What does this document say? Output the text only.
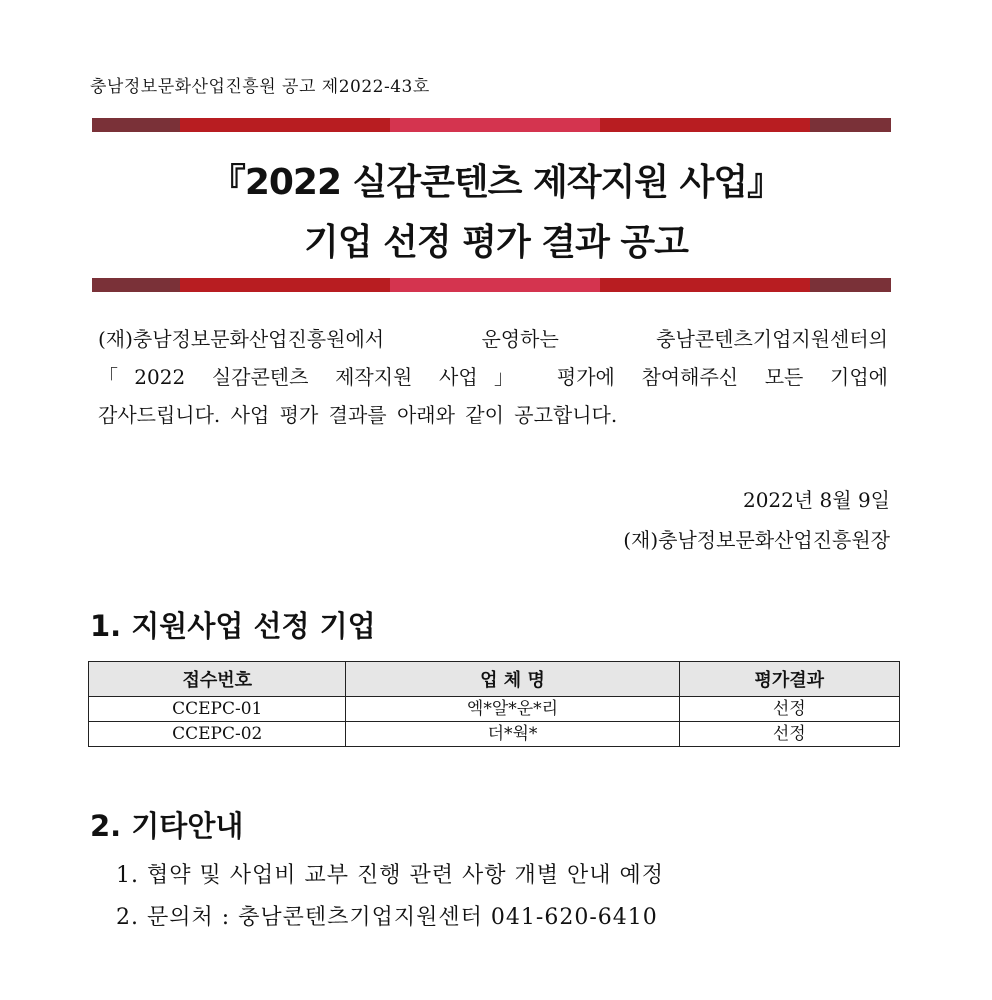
충남정보문화산업진흥원 공고 제2022-43호
『2022 실감콘텐츠 제작지원 사업』
기업 선정 평가 결과 공고

(재)충남정보문화산업진흥원에서 운영하는 충남콘텐츠기업지원센터의

「2022 실감콘텐츠 제작지원 사업」 평가에 참여해주신 모든 기업에

감사드립니다. 사업 평가 결과를 아래와 같이 공고합니다.

2022년 8월 9일
(재)충남정보문화산업진흥원장
1. 지원사업 선정 기업
접수번호	업 체 명	평가결과
CCEPC-01	엑*알*운*리	선정
CCEPC-02	더*웍*	선정
2. 기타안내
1. 협약 및 사업비 교부 진행 관련 사항 개별 안내 예정
2. 문의처 : 충남콘텐츠기업지원센터 041-620-6410
